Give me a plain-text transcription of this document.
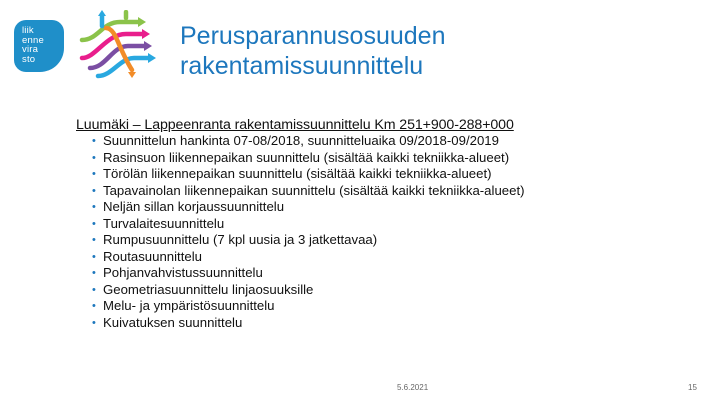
liik
enne
vira
sto
Perusparannusosuuden
rakentamissuunnittelu
Luumäki – Lappeenranta rakentamissuunnittelu Km 251+900-288+000
• Suunnittelun hankinta 07-08/2018, suunnitteluaika 09/2018-09/2019
• Rasinsuon liikennepaikan suunnittelu (sisältää kaikki tekniikka-alueet)
• Törölän liikennepaikan suunnittelu (sisältää kaikki tekniikka-alueet)
• Tapavainolan liikennepaikan suunnittelu (sisältää kaikki tekniikka-alueet)
• Neljän sillan korjaussuunnittelu
• Turvalaitesuunnittelu
• Rumpusuunnittelu (7 kpl uusia ja 3 jatkettavaa)
• Routasuunnittelu
• Pohjanvahvistussuunnittelu
• Geometriasuunnittelu linjaosuuksille
• Melu- ja ympäristösuunnittelu
• Kuivatuksen suunnittelu
5.6.2021	15
